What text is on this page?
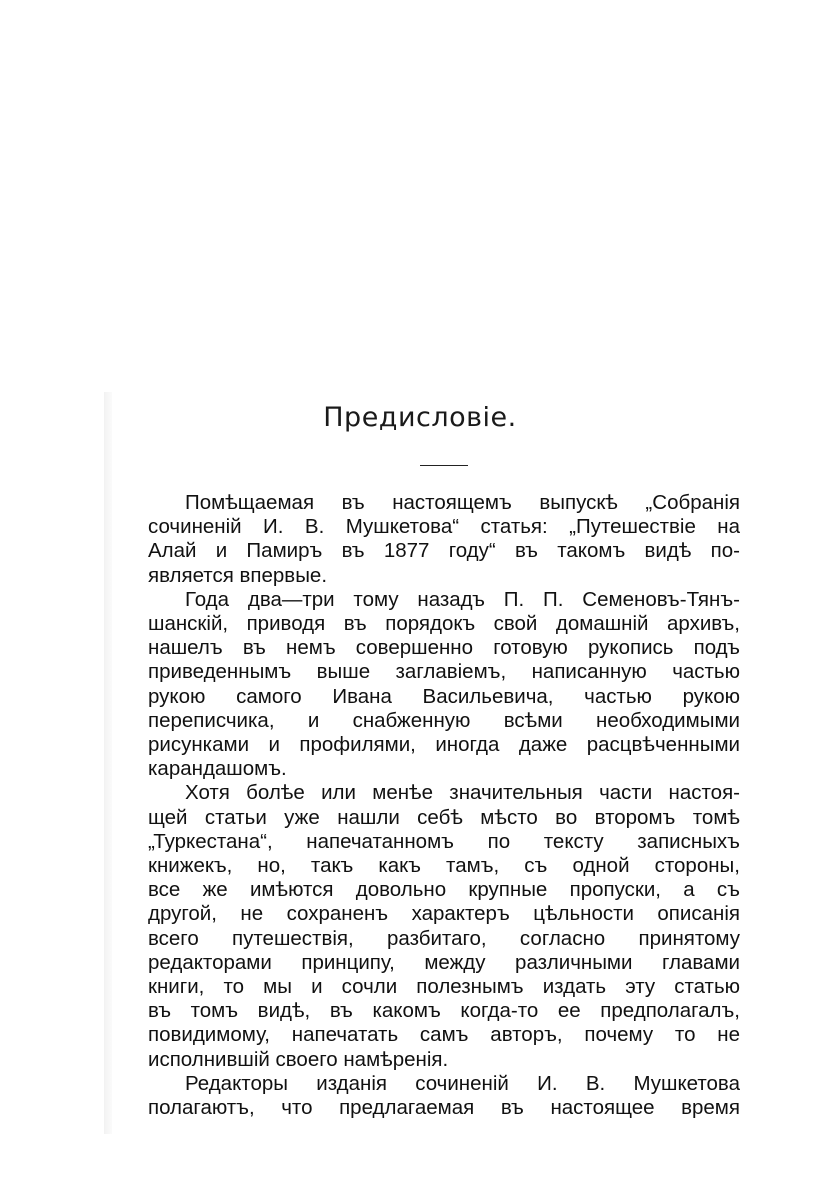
Предисловіе.
Помѣщаемая въ настоящемъ выпускѣ „Собранія
сочиненій И. В. Мушкетова“ статья: „Путешествіе на
Алай и Памиръ въ 1877 году“ въ такомъ видѣ по-
является впервые.
Года два—три тому назадъ П. П. Семеновъ-Тянъ-
шанскій, приводя въ порядокъ свой домашній архивъ,
нашелъ въ немъ совершенно готовую рукопись подъ
приведеннымъ выше заглавіемъ, написанную частью
рукою самого Ивана Васильевича, частью рукою
переписчика, и снабженную всѣми необходимыми
рисунками и профилями, иногда даже расцвѣченными
карандашомъ.
Хотя болѣе или менѣе значительныя части настоя-
щей статьи уже нашли себѣ мѣсто во второмъ томѣ
„Туркестана“, напечатанномъ по тексту записныхъ
книжекъ, но, такъ какъ тамъ, съ одной стороны,
все же имѣются довольно крупные пропуски, а съ
другой, не сохраненъ характеръ цѣльности описанія
всего путешествія, разбитаго, согласно принятому
редакторами принципу, между различными главами
книги, то мы и сочли полезнымъ издать эту статью
въ томъ видѣ, въ какомъ когда-то ее предполагалъ,
повидимому, напечатать самъ авторъ, почему то не
исполнившій своего намѣренія.
Редакторы изданія сочиненій И. В. Мушкетова
полагаютъ, что предлагаемая въ настоящее время
